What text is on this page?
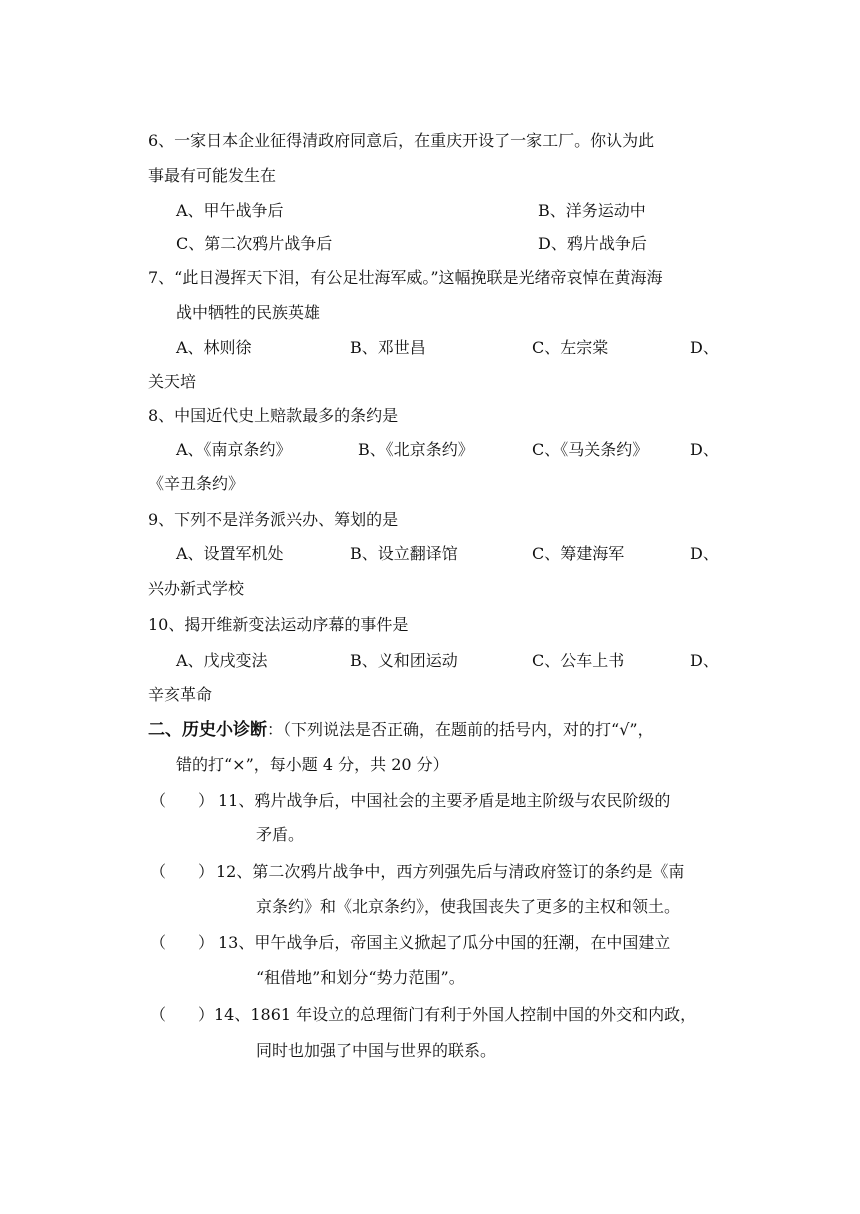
6、一家日本企业征得清政府同意后，在重庆开设了一家工厂。你认为此
事最有可能发生在
A、甲午战争后	B、洋务运动中
C、第二次鸦片战争后	D、鸦片战争后
7、“此日漫挥天下泪，有公足壮海军威。”这幅挽联是光绪帝哀悼在黄海海
战中牺牲的民族英雄
A、林则徐	B、邓世昌	C、左宗棠	D、
关天培
8、中国近代史上赔款最多的条约是
A、《南京条约》	B、《北京条约》	C、《马关条约》	D、
《辛丑条约》
9、下列不是洋务派兴办、筹划的是
A、设置军机处	B、设立翻译馆	C、筹建海军	D、
兴办新式学校
10、揭开维新变法运动序幕的事件是
A、戊戌变法	B、义和团运动	C、公车上书	D、
辛亥革命
二、历史小诊断：（下列说法是否正确，在题前的括号内，对的打“√”，
错的打“×”，每小题 4 分，共 20 分）
（　　） 11、鸦片战争后，中国社会的主要矛盾是地主阶级与农民阶级的
矛盾。
（　　） 12、第二次鸦片战争中，西方列强先后与清政府签订的条约是《南
京条约》和《北京条约》，使我国丧失了更多的主权和领土。
（　　） 13、甲午战争后，帝国主义掀起了瓜分中国的狂潮，在中国建立
“租借地”和划分“势力范围”。
（　　） 14、1861 年设立的总理衙门有利于外国人控制中国的外交和内政，
同时也加强了中国与世界的联系。
